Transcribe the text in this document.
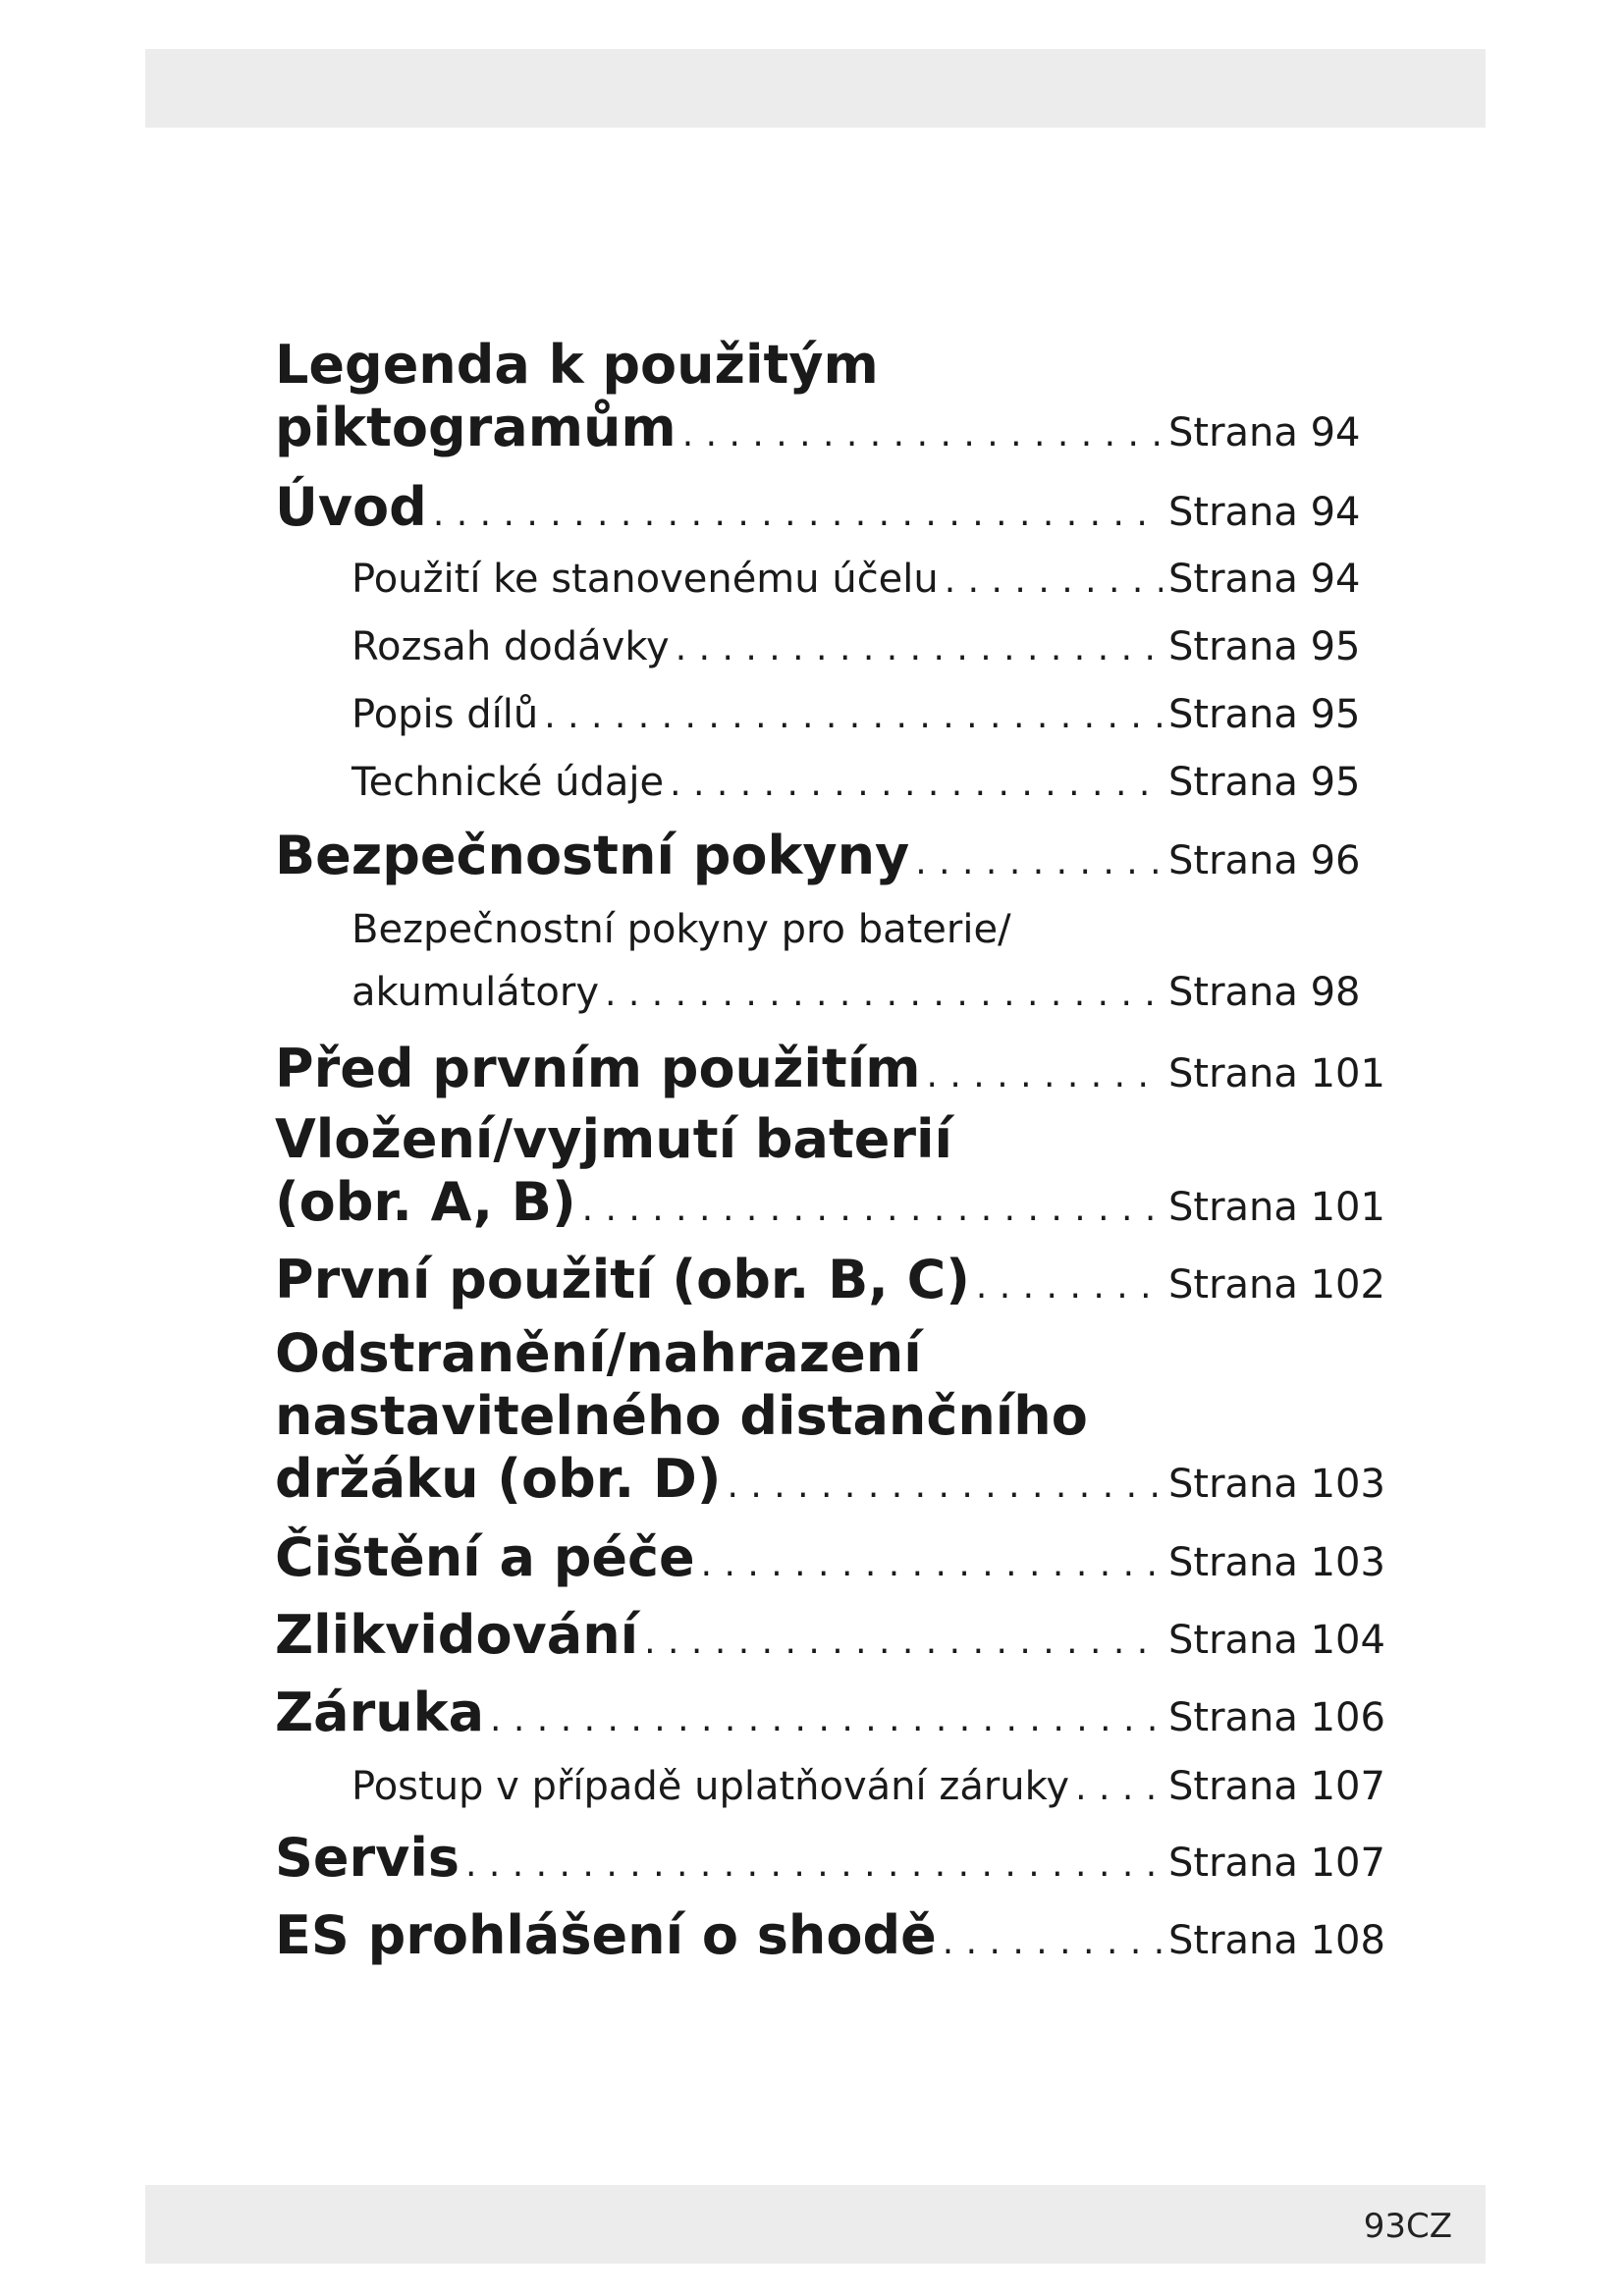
Legenda k použitým
piktogramům . . .	Strana 94
Úvod . . .	Strana 94
Použití ke stanovenému účelu . . .	Strana 94
Rozsah dodávky . . .	Strana 95
Popis dílů . . .	Strana 95
Technické údaje . . .	Strana 95
Bezpečnostní pokyny . . .	Strana 96
Bezpečnostní pokyny pro baterie/
akumulátory . . .	Strana 98
Před prvním použitím . . .	Strana 101
Vložení/vyjmutí baterií
(obr. A, B) . . .	Strana 101
První použití (obr. B, C) . . .	Strana 102
Odstranění/nahrazení
nastavitelného distančního
držáku (obr. D) . . .	Strana 103
Čištění a péče . . .	Strana 103
Zlikvidování . . .	Strana 104
Záruka . . .	Strana 106
Postup v případě uplatňování záruky . . .	Strana 107
Servis . . .	Strana 107
ES prohlášení o shodě . . .	Strana 108
93CZ
